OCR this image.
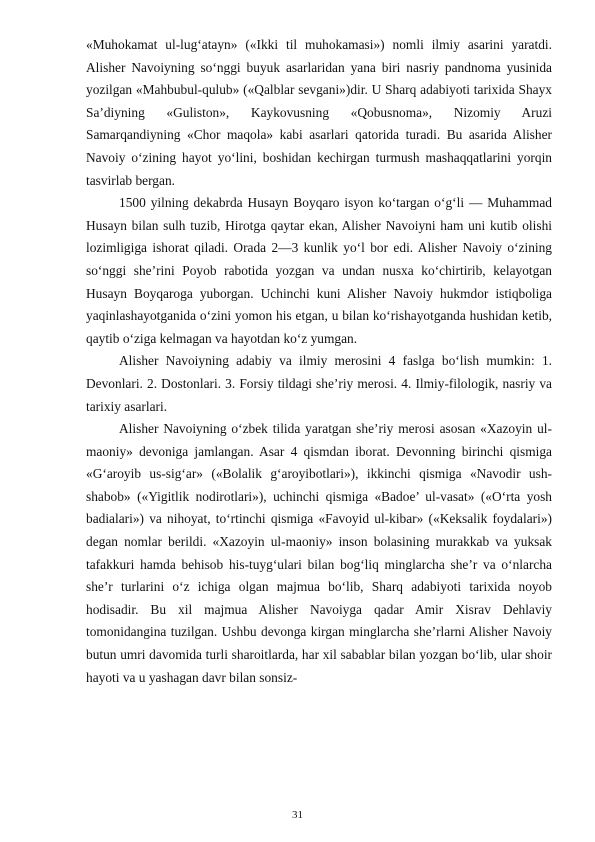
«Muhokamat ul-lug‘atayn» («Ikki til muhokamasi») nomli ilmiy asarini yaratdi. Alisher Navoiyning so‘nggi buyuk asarlaridan yana biri nasriy pandnoma yusinida yozilgan «Mahbubul-qulub» («Qalblar sevgani»)dir. U Sharq adabiyoti tarixida Shayx Sa’diyning «Guliston», Kaykovusning «Qobusnoma», Nizomiy Aruzi Samarqandiyning «Chor maqola» kabi asarlari qatorida turadi. Bu asarida Alisher Navoiy o‘zining hayot yo‘lini, boshidan kechirgan turmush mashaqqatlarini yorqin tasvirlab bergan.

1500 yilning dekabrda Husayn Boyqaro isyon ko‘targan o‘g‘li — Muhammad Husayn bilan sulh tuzib, Hirotga qaytar ekan, Alisher Navoiyni ham uni kutib olishi lozimligiga ishorat qiladi. Orada 2—3 kunlik yo‘l bor edi. Alisher Navoiy o‘zining so‘nggi she’rini Poyob rabotida yozgan va undan nusxa ko‘chirtirib, kelayotgan Husayn Boyqaroga yuborgan. Uchinchi kuni Alisher Navoiy hukmdor istiqboliga yaqinlashayotganida o‘zini yomon his etgan, u bilan ko‘rishayotganda hushidan ketib, qaytib o‘ziga kelmagan va hayotdan ko‘z yumgan.

Alisher Navoiyning adabiy va ilmiy merosini 4 faslga bo‘lish mumkin: 1. Devonlari. 2. Dostonlari. 3. Forsiy tildagi she’riy merosi. 4. Ilmiy-filologik, nasriy va tarixiy asarlari.

Alisher Navoiyning o‘zbek tilida yaratgan she’riy merosi asosan «Xazoyin ul-maoniy» devoniga jamlangan. Asar 4 qismdan iborat. Devonning birinchi qismiga «G‘aroyib us-sig‘ar» («Bolalik g‘aroyibotlari»), ikkinchi qismiga «Navodir ush-shabob» («Yigitlik nodirotlari»), uchinchi qismiga «Badoe’ ul-vasat» («O‘rta yosh badialari») va nihoyat, to‘rtinchi qismiga «Favoyid ul-kibar» («Keksalik foydalari») degan nomlar berildi. «Xazoyin ul-maoniy» inson bolasining murakkab va yuksak tafakkuri hamda behisob his-tuyg‘ulari bilan bog‘liq minglarcha she’r va o‘nlarcha she’r turlarini o‘z ichiga olgan majmua bo‘lib, Sharq adabiyoti tarixida noyob hodisadir. Bu xil majmua Alisher Navoiyga qadar Amir Xisrav Dehlaviy tomonidangina tuzilgan. Ushbu devonga kirgan minglarcha she’rlarni Alisher Navoiy butun umri davomida turli sharoitlarda, har xil sabablar bilan yozgan bo‘lib, ular shoir hayoti va u yashagan davr bilan sonsiz-

31
